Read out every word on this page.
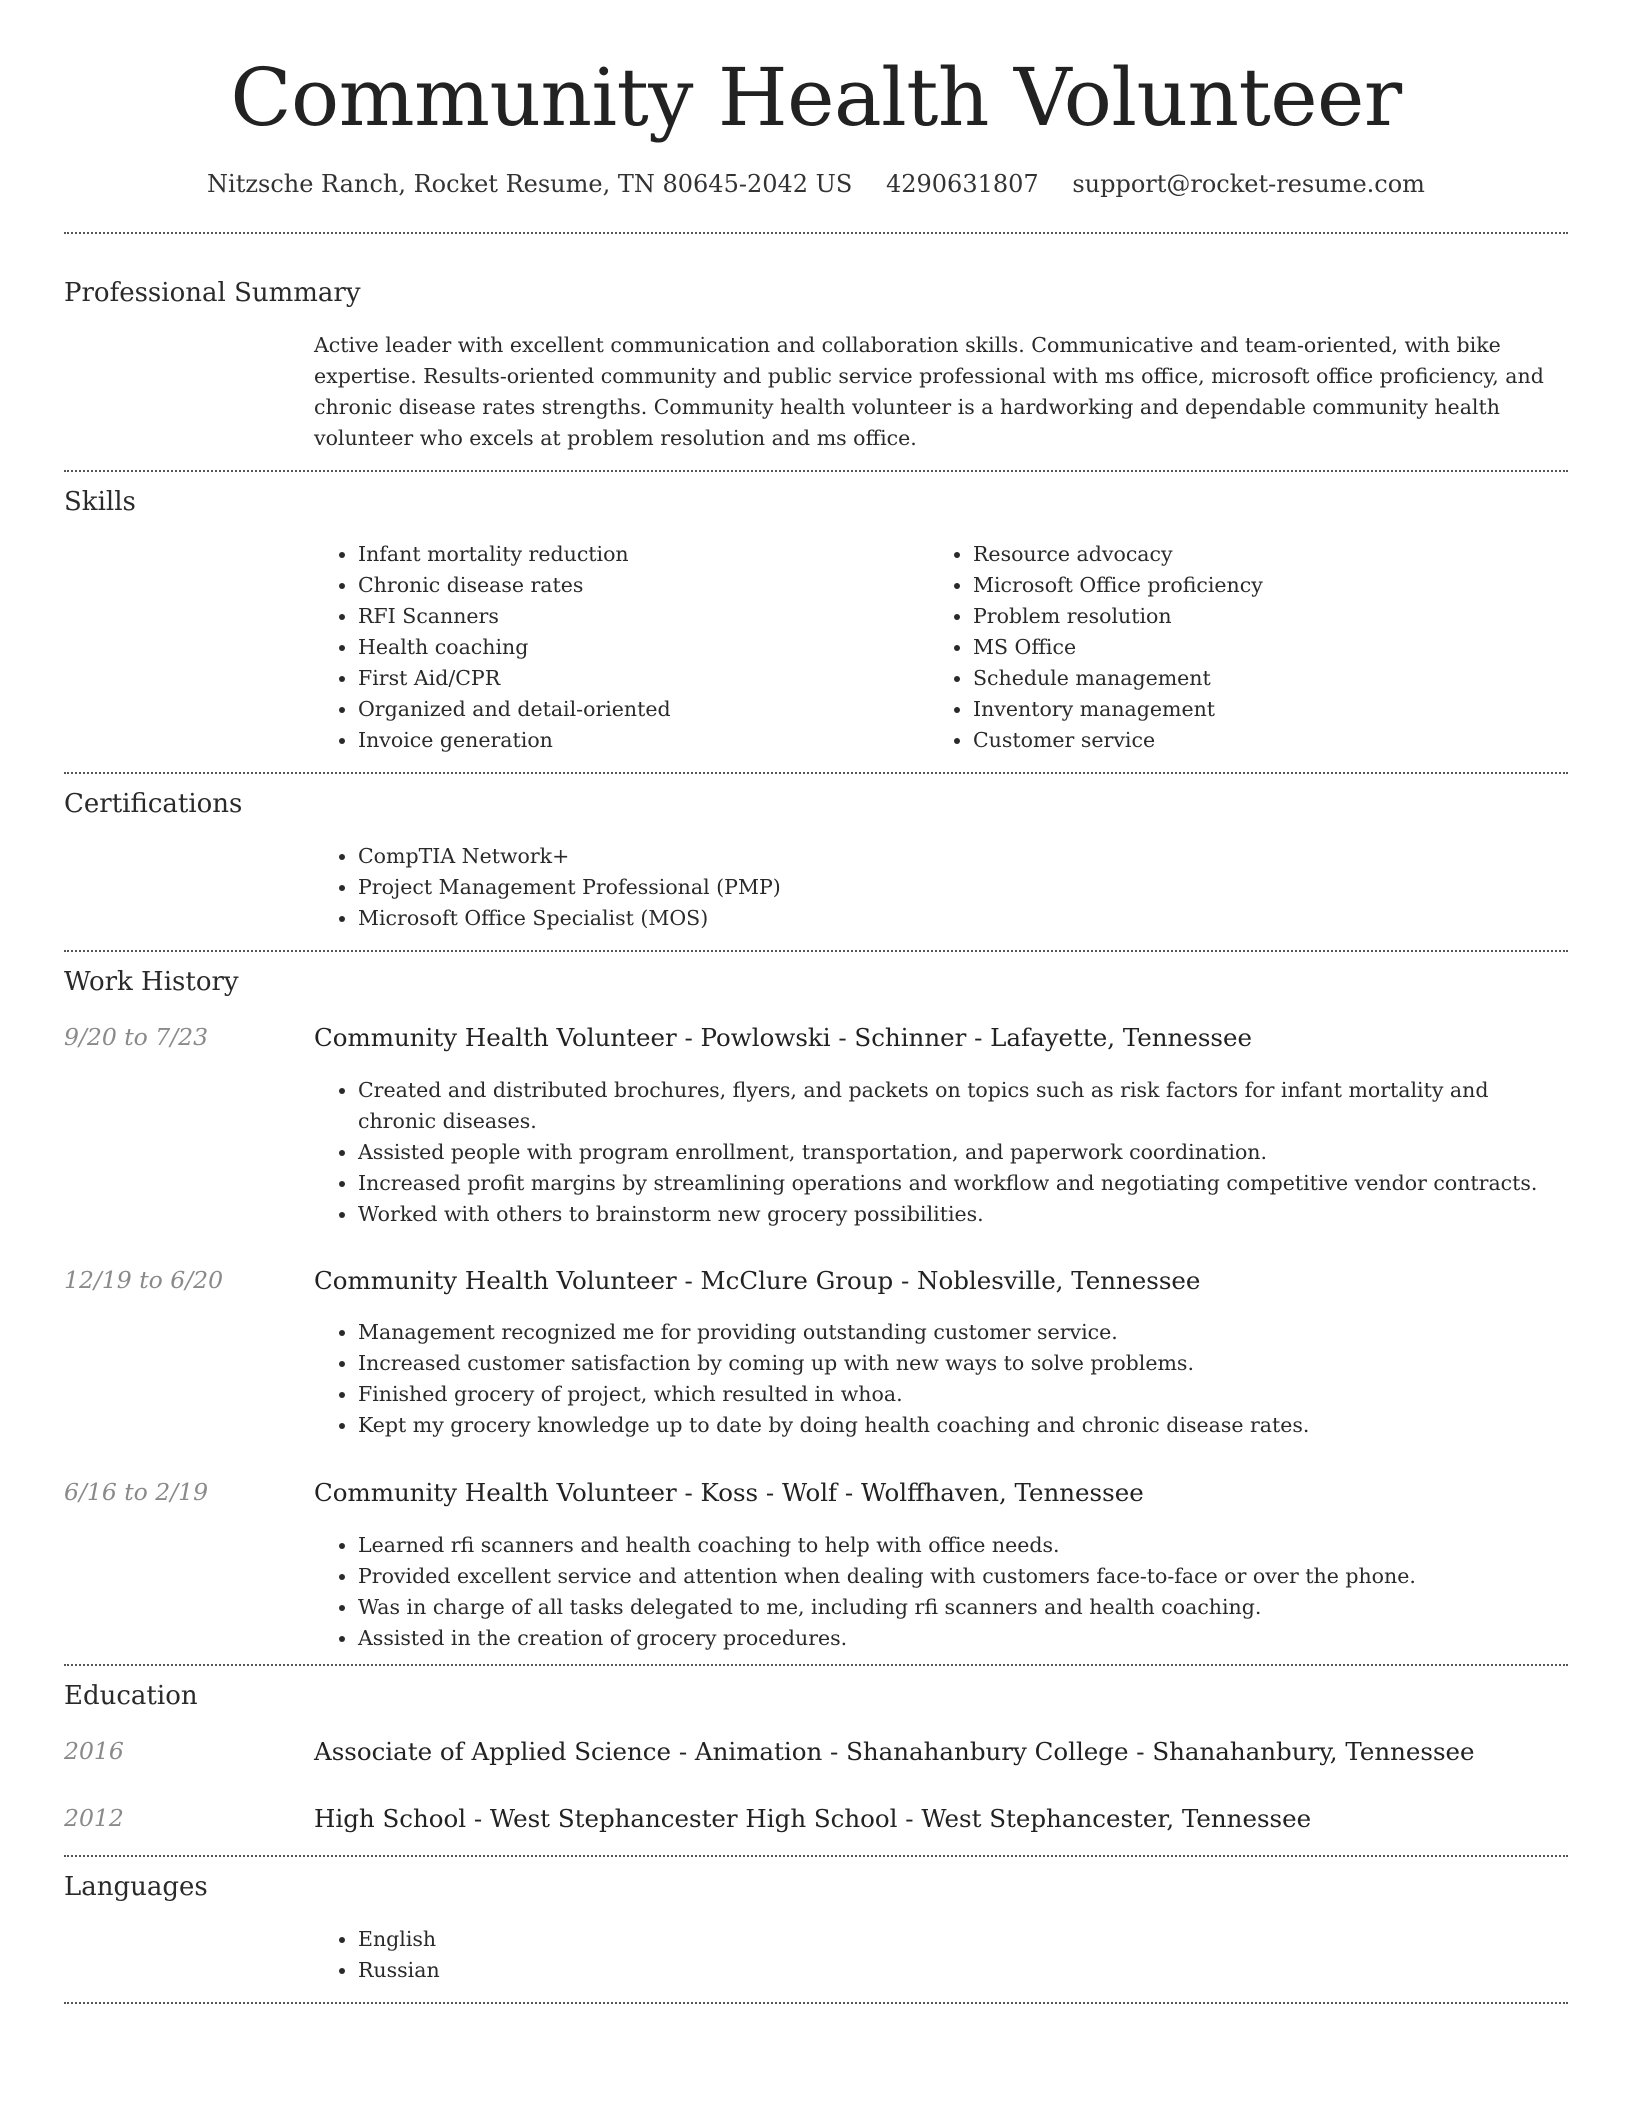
Community Health Volunteer
Nitzsche Ranch, Rocket Resume, TN 80645-2042 US 4290631807 support@rocket-resume.com
Professional Summary

Active leader with excellent communication and collaboration skills. Communicative and team-oriented, with bike expertise. Results-oriented community and public service professional with ms office, microsoft office proficiency, and chronic disease rates strengths. Community health volunteer is a hardworking and dependable community health volunteer who excels at problem resolution and ms office.

Skills
• Infant mortality reduction
• Chronic disease rates
• RFI Scanners
• Health coaching
• First Aid/CPR
• Organized and detail-oriented
• Invoice generation
• Resource advocacy
• Microsoft Office proficiency
• Problem resolution
• MS Office
• Schedule management
• Inventory management
• Customer service
Certifications
• CompTIA Network+
• Project Management Professional (PMP)
• Microsoft Office Specialist (MOS)
Work History
9/20 to 7/23	Community Health Volunteer - Powlowski - Schinner - Lafayette, Tennessee
• Created and distributed brochures, flyers, and packets on topics such as risk factors for infant mortality and chronic diseases.
• Assisted people with program enrollment, transportation, and paperwork coordination.
• Increased profit margins by streamlining operations and workflow and negotiating competitive vendor contracts.
• Worked with others to brainstorm new grocery possibilities.
12/19 to 6/20	Community Health Volunteer - McClure Group - Noblesville, Tennessee
• Management recognized me for providing outstanding customer service.
• Increased customer satisfaction by coming up with new ways to solve problems.
• Finished grocery of project, which resulted in whoa.
• Kept my grocery knowledge up to date by doing health coaching and chronic disease rates.
6/16 to 2/19	Community Health Volunteer - Koss - Wolf - Wolffhaven, Tennessee
• Learned rfi scanners and health coaching to help with office needs.
• Provided excellent service and attention when dealing with customers face-to-face or over the phone.
• Was in charge of all tasks delegated to me, including rfi scanners and health coaching.
• Assisted in the creation of grocery procedures.
Education
2016	Associate of Applied Science - Animation - Shanahanbury College - Shanahanbury, Tennessee
2012	High School - West Stephancester High School - West Stephancester, Tennessee
Languages
• English
• Russian
